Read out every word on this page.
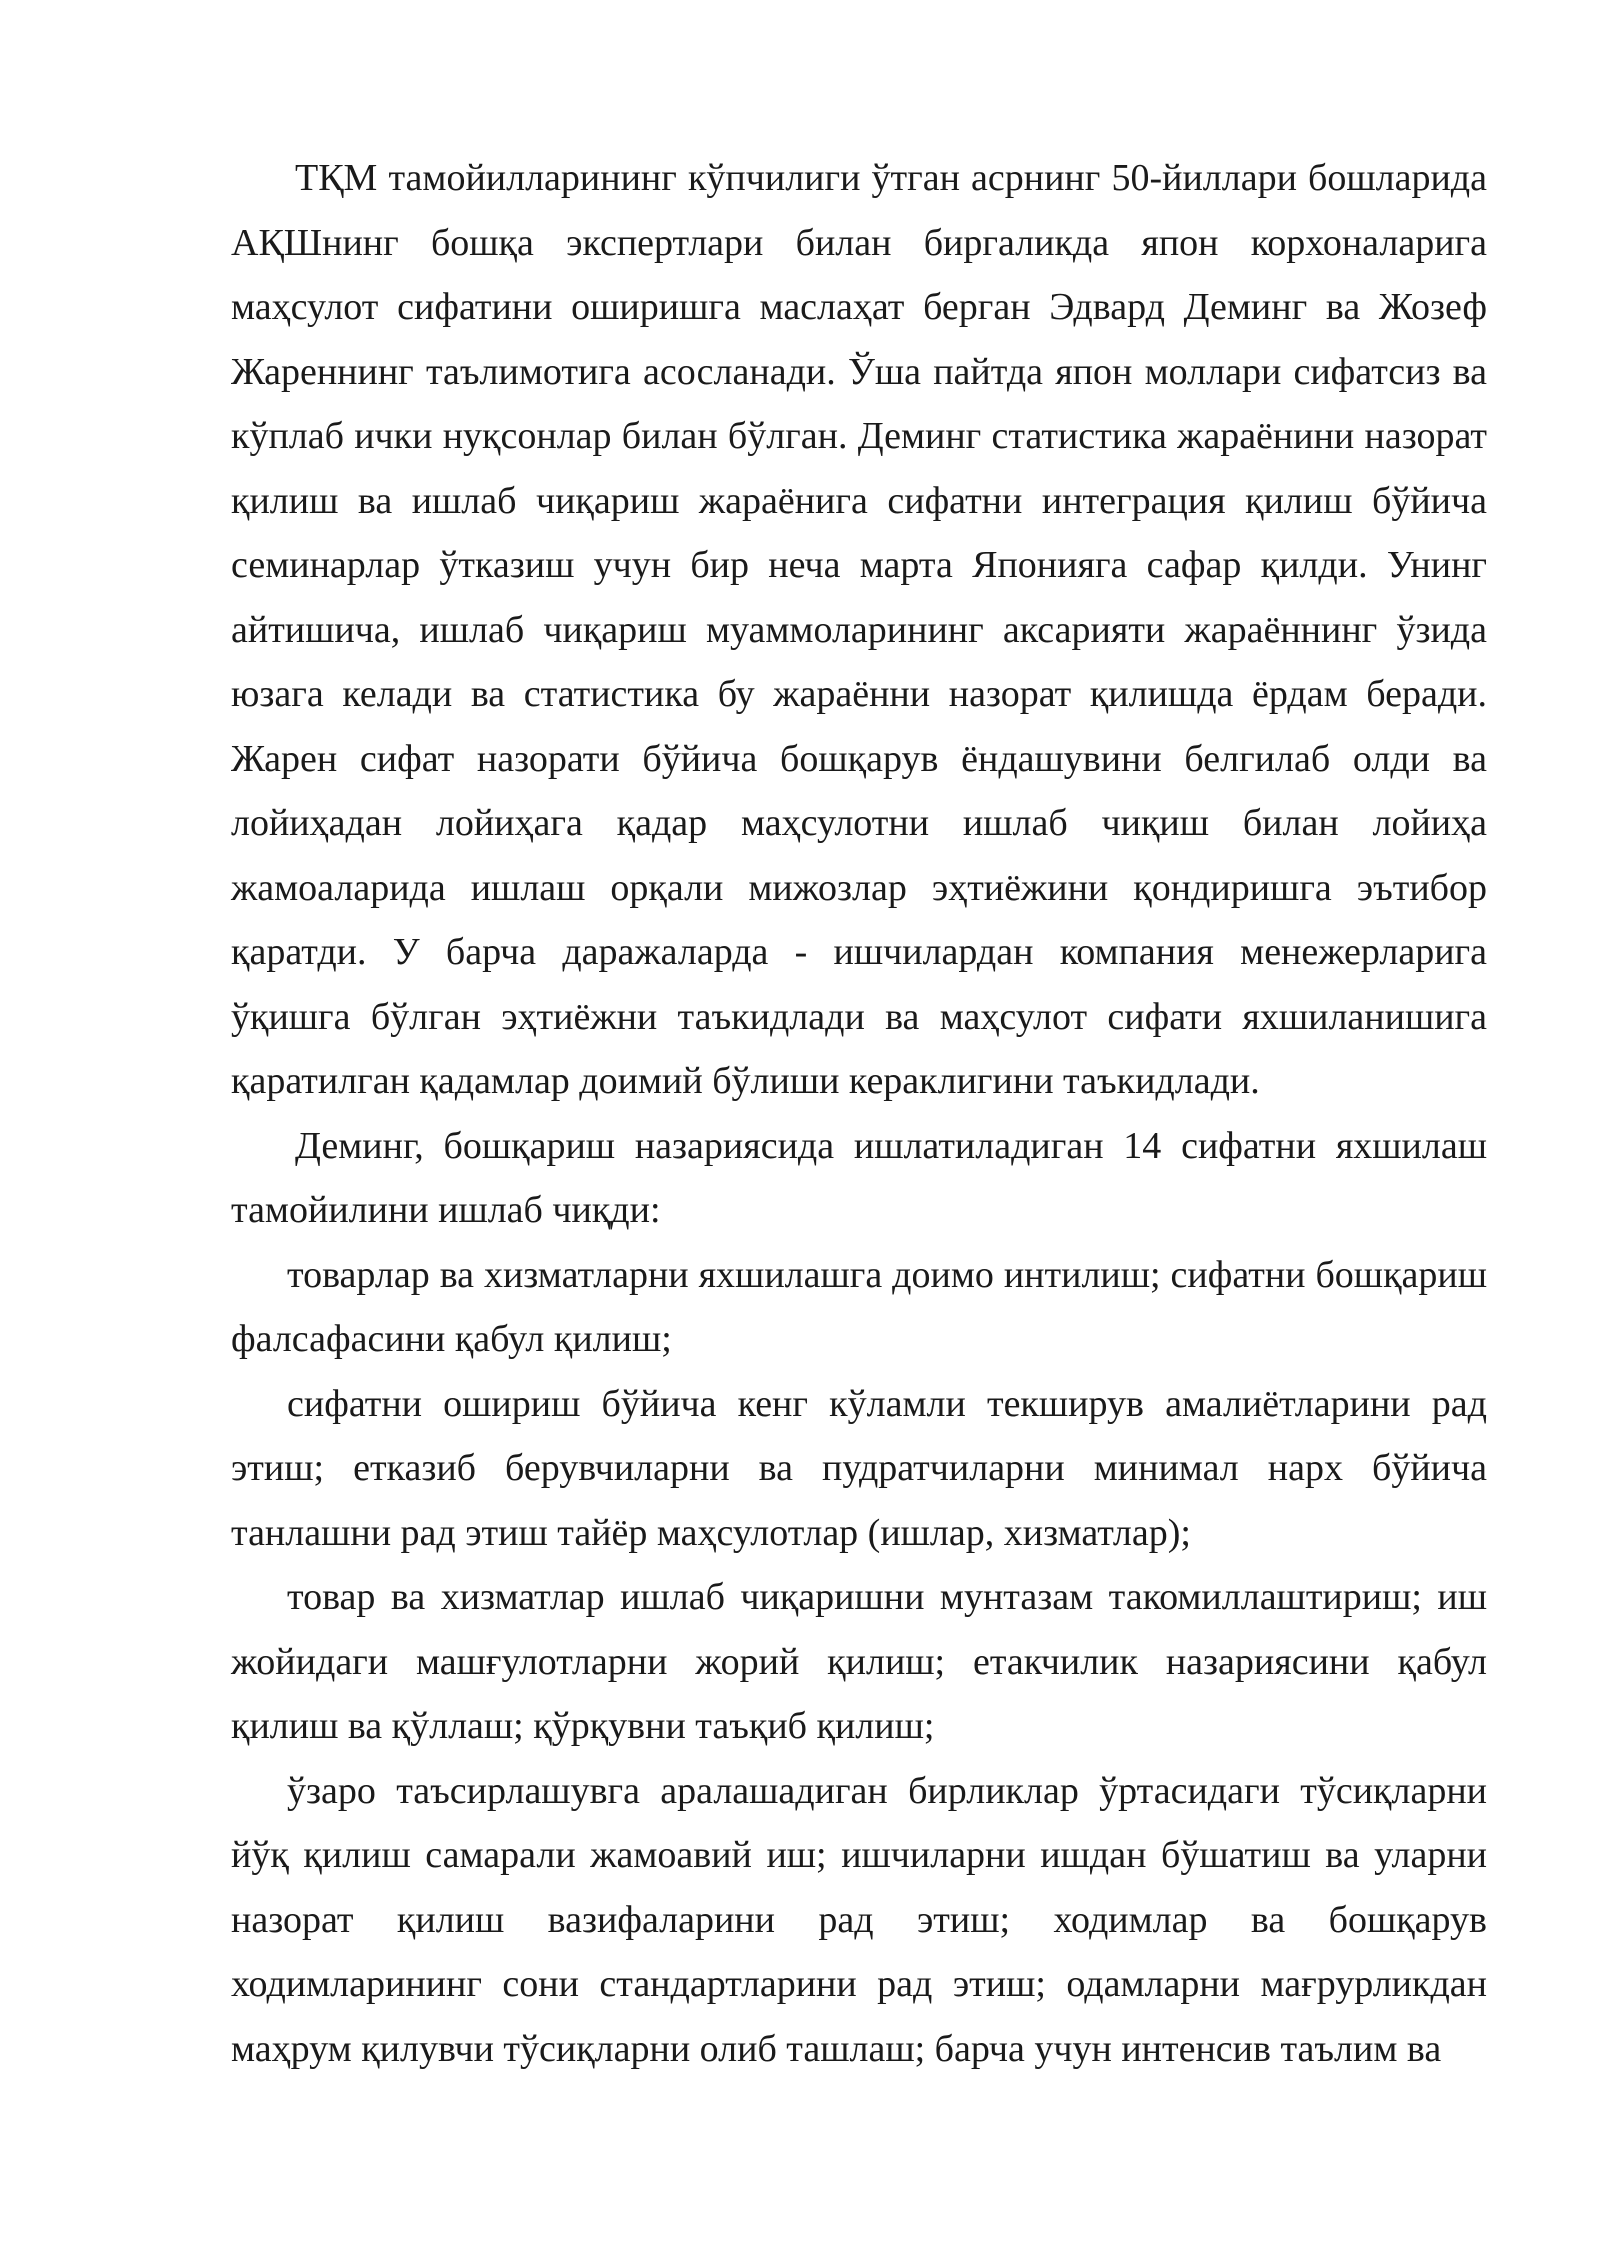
ТҚМ тамойилларининг кўпчилиги ўтган асрнинг 50-йиллари бошларида АҚШнинг бошқа экспертлари билан биргаликда япон корхоналарига маҳсулот сифатини оширишга маслаҳат берган Эдвард Деминг ва Жозеф Жареннинг таълимотига асосланади. Ўша пайтда япон моллари сифатсиз ва кўплаб ички нуқсонлар билан бўлган. Деминг статистика жараёнини назорат қилиш ва ишлаб чиқариш жараёнига сифатни интеграция қилиш бўйича семинарлар ўтказиш учун бир неча марта Японияга сафар қилди. Унинг айтишича, ишлаб чиқариш муаммоларининг аксарияти жараённинг ўзида юзага келади ва статистика бу жараённи назорат қилишда ёрдам беради. Жарен сифат назорати бўйича бошқарув ёндашувини белгилаб олди ва лойиҳадан лойиҳага қадар маҳсулотни ишлаб чиқиш билан лойиҳа жамоаларида ишлаш орқали мижозлар эҳтиёжини қондиришга эътибор қаратди. У барча даражаларда - ишчилардан компания менежерларига ўқишга бўлган эҳтиёжни таъкидлади ва маҳсулот сифати яхшиланишига қаратилган қадамлар доимий бўлиши кераклигини таъкидлади.

Деминг, бошқариш назариясида ишлатиладиган 14 сифатни яхшилаш тамойилини ишлаб чиқди:

товарлар ва хизматларни яхшилашга доимо интилиш; сифатни бошқариш фалсафасини қабул қилиш;

сифатни ошириш бўйича кенг кўламли текширув амалиётларини рад этиш; етказиб берувчиларни ва пудратчиларни минимал нарх бўйича танлашни рад этиш тайёр маҳсулотлар (ишлар, хизматлар);

товар ва хизматлар ишлаб чиқаришни мунтазам такомиллаштириш; иш жойидаги машғулотларни жорий қилиш; етакчилик назариясини қабул қилиш ва қўллаш; қўрқувни таъқиб қилиш;

ўзаро таъсирлашувга аралашадиган бирликлар ўртасидаги тўсиқларни йўқ қилиш самарали жамоавий иш; ишчиларни ишдан бўшатиш ва уларни назорат қилиш вазифаларини рад этиш; ходимлар ва бошқарув ходимларининг сони стандартларини рад этиш; одамларни мағрурликдан маҳрум қилувчи тўсиқларни олиб ташлаш; барча учун интенсив таълим ва
